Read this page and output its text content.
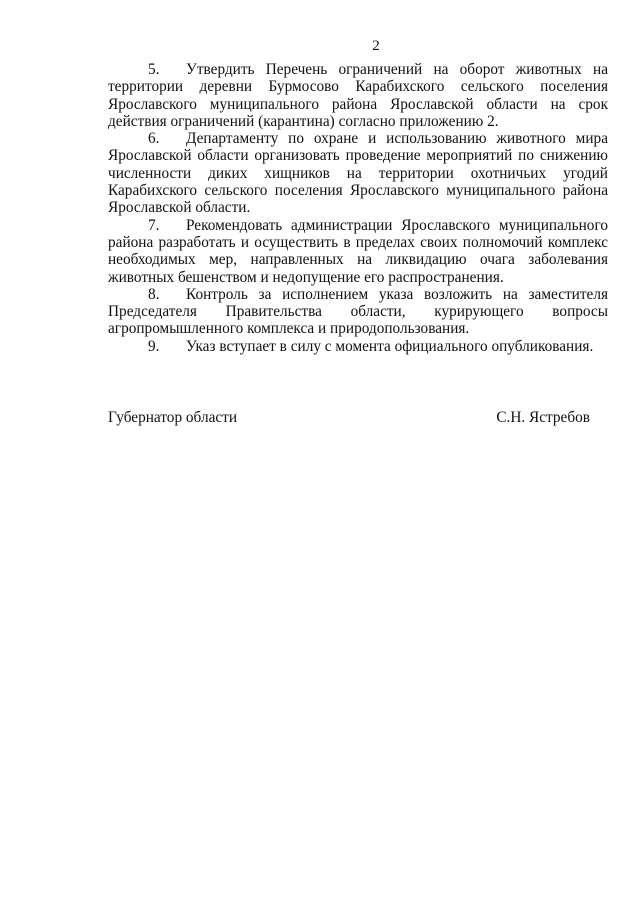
2

5. Утвердить Перечень ограничений на оборот животных на территории деревни Бурмосово Карабихского сельского поселения Ярославского муниципального района Ярославской области на срок действия ограничений (карантина) согласно приложению 2.

6. Департаменту по охране и использованию животного мира Ярославской области организовать проведение мероприятий по снижению численности диких хищников на территории охотничьих угодий Карабихского сельского поселения Ярославского муниципального района Ярославской области.

7. Рекомендовать администрации Ярославского муниципального района разработать и осуществить в пределах своих полномочий комплекс необходимых мер, направленных на ликвидацию очага заболевания животных бешенством и недопущение его распространения.

8. Контроль за исполнением указа возложить на заместителя Председателя Правительства области, курирующего вопросы агропромышленного комплекса и природопользования.

9. Указ вступает в силу с момента официального опубликования.

Губернатор области	С.Н. Ястребов
